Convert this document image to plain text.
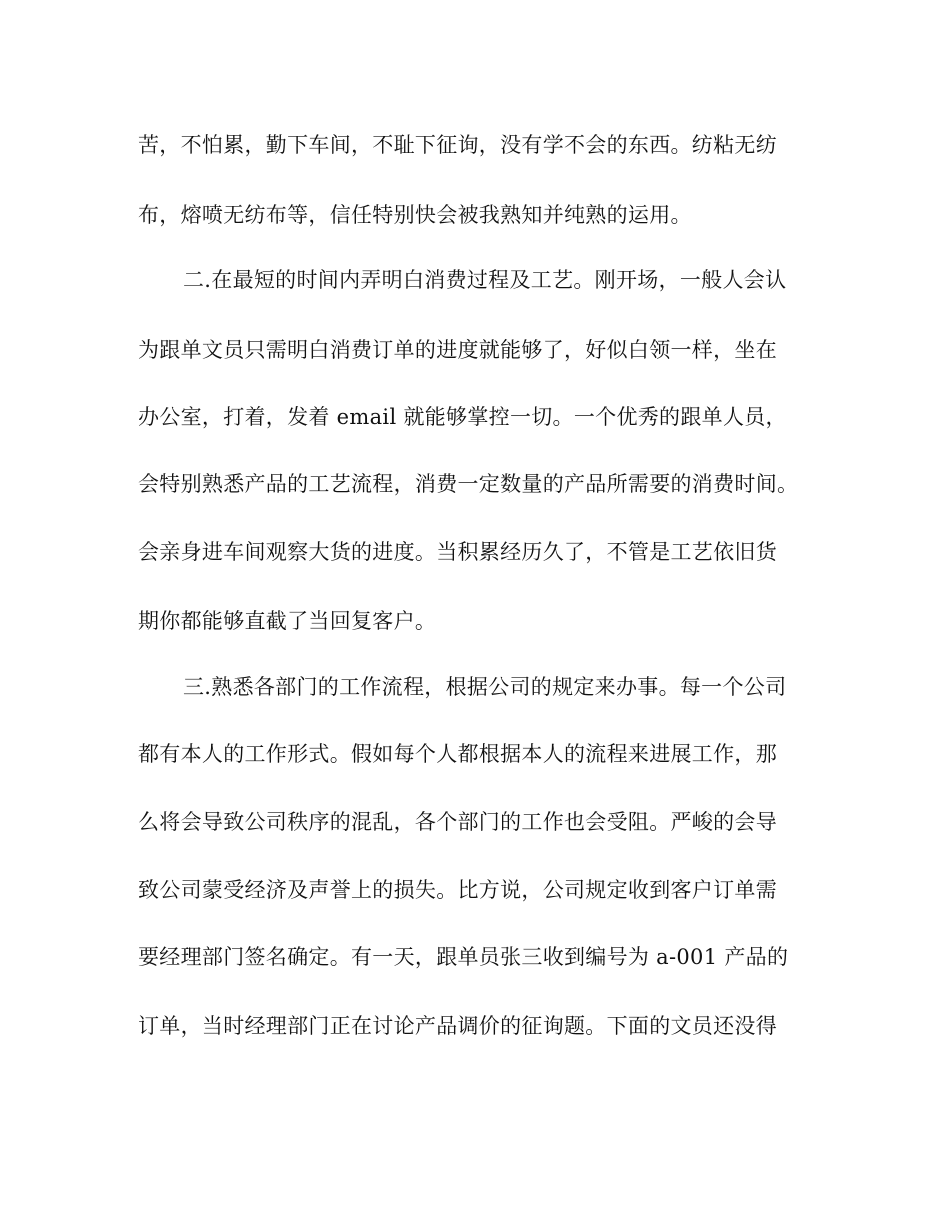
苦，不怕累，勤下车间，不耻下征询，没有学不会的东西。纺粘无纺
布，熔喷无纺布等，信任特别快会被我熟知并纯熟的运用。
二.在最短的时间内弄明白消费过程及工艺。刚开场，一般人会认
为跟单文员只需明白消费订单的进度就能够了，好似白领一样，坐在
办公室，打着，发着 email 就能够掌控一切。一个优秀的跟单人员，
会特别熟悉产品的工艺流程，消费一定数量的产品所需要的消费时间。
会亲身进车间观察大货的进度。当积累经历久了，不管是工艺依旧货
期你都能够直截了当回复客户。
三.熟悉各部门的工作流程，根据公司的规定来办事。每一个公司
都有本人的工作形式。假如每个人都根据本人的流程来进展工作，那
么将会导致公司秩序的混乱，各个部门的工作也会受阻。严峻的会导
致公司蒙受经济及声誉上的损失。比方说，公司规定收到客户订单需
要经理部门签名确定。有一天，跟单员张三收到编号为 a-001 产品的
订单，当时经理部门正在讨论产品调价的征询题。下面的文员还没得
